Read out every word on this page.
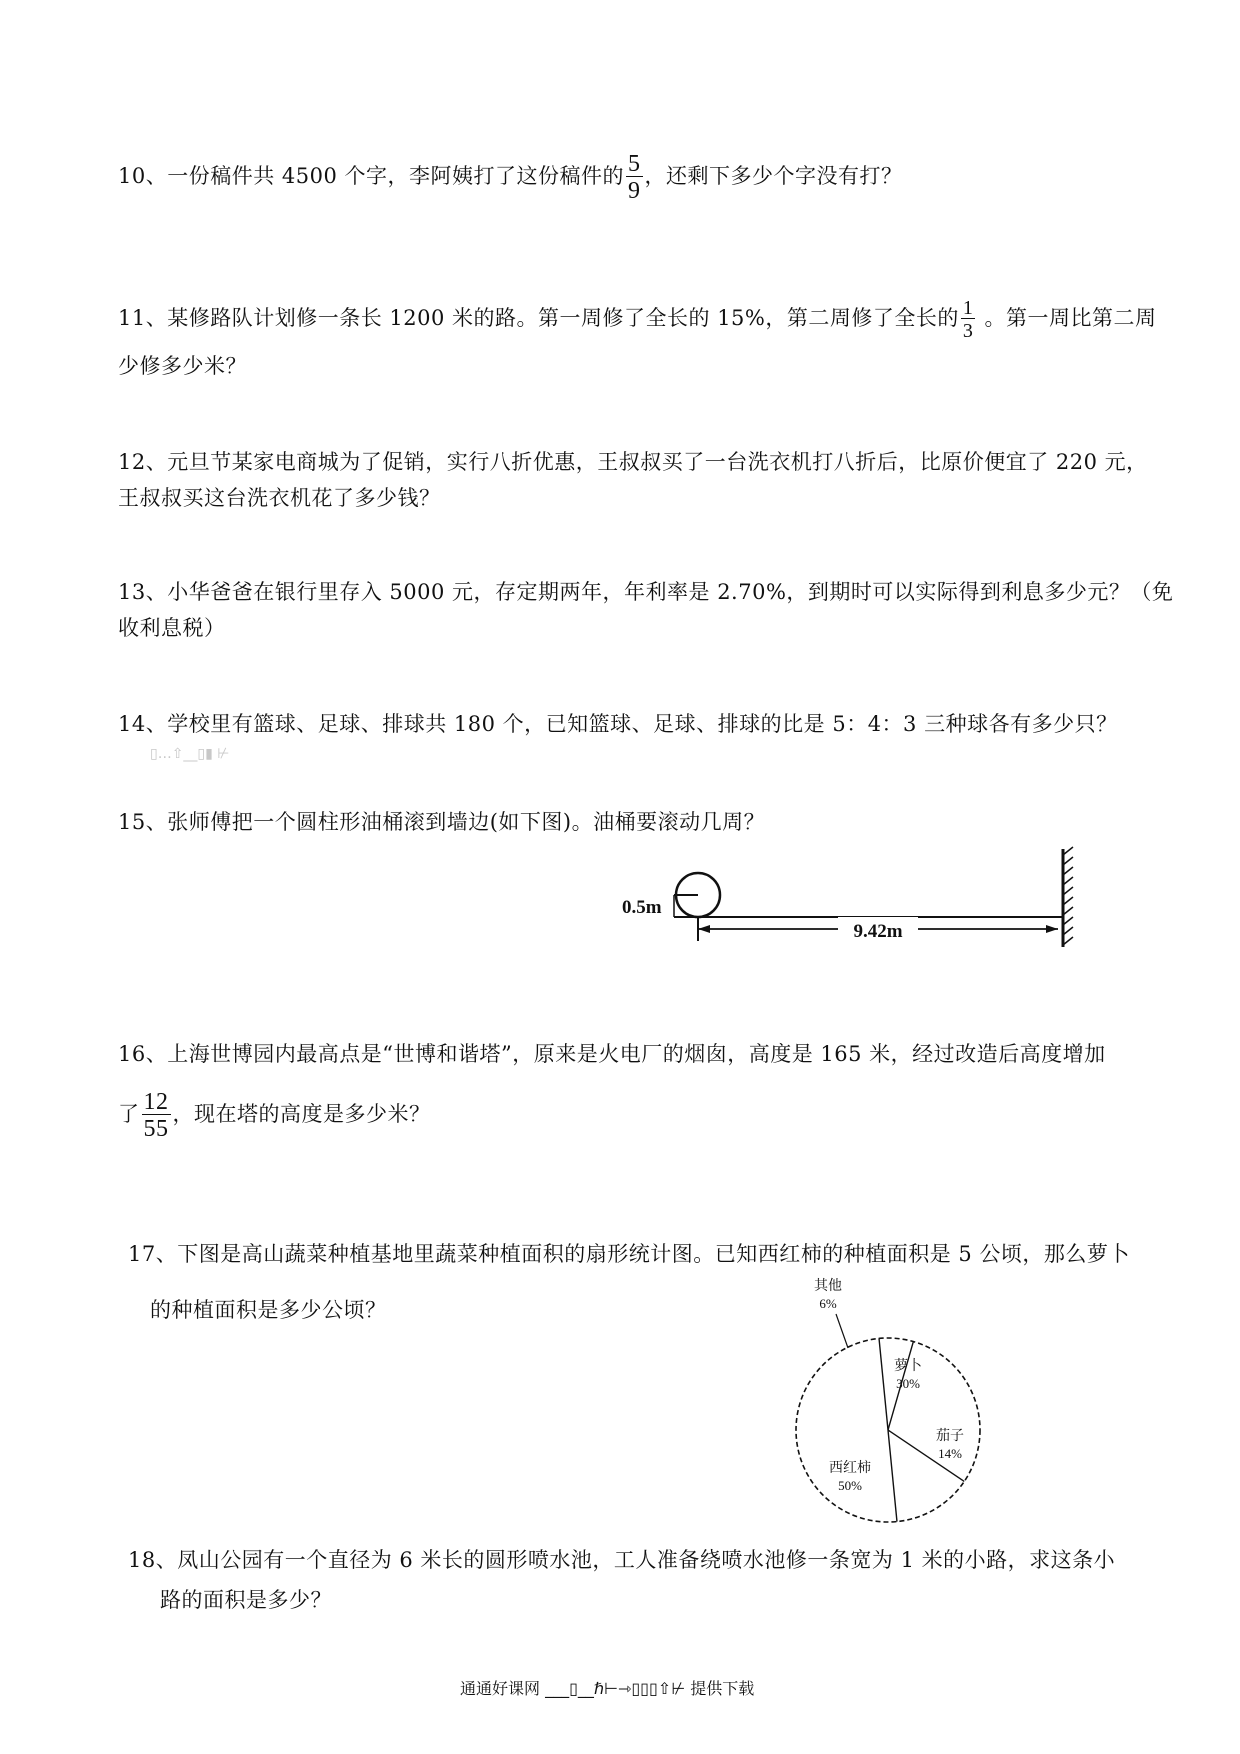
10、一份稿件共 4500 个字，李阿姨打了这份稿件的 $\frac{5}{9}$ ，还剩下多少个字没有打？
11、某修路队计划修一条长 1200 米的路。第一周修了全长的 15%，第二周修了全长的 $\frac{1}{3}$ 。第一周比第二周
少修多少米？
12、元旦节某家电商城为了促销，实行八折优惠，王叔叔买了一台洗衣机打八折后，比原价便宜了 220 元，
王叔叔买这台洗衣机花了多少钱？
13、小华爸爸在银行里存入 5000 元，存定期两年，年利率是 2.70%，到期时可以实际得到利息多少元？（免
收利息税）
14、学校里有篮球、足球、排球共 180 个，已知篮球、足球、排球的比是 5：4：3 三种球各有多少只？
▯…⇧__▯▮ ⊬
15、张师傅把一个圆柱形油桶滚到墙边(如下图)。油桶要滚动几周？
0.5m
9.42m
16、上海世博园内最高点是“世博和谐塔”，原来是火电厂的烟囱，高度是 165 米，经过改造后高度增加
了 $\frac{12}{55}$ ，现在塔的高度是多少米？
17、下图是高山蔬菜种植基地里蔬菜种植面积的扇形统计图。已知西红柿的种植面积是 5 公顷，那么萝卜
的种植面积是多少公顷？
萝卜
30%
茄子
14%
西红柿
50%
其他
6%
18、凤山公园有一个直径为 6 米长的圆形喷水池，工人准备绕喷水池修一条宽为 1 米的小路，求这条小
路的面积是多少？
通通好课网 ___▯__ℏ⊢⇾▯▯▯⇧⊬ 提供下载
